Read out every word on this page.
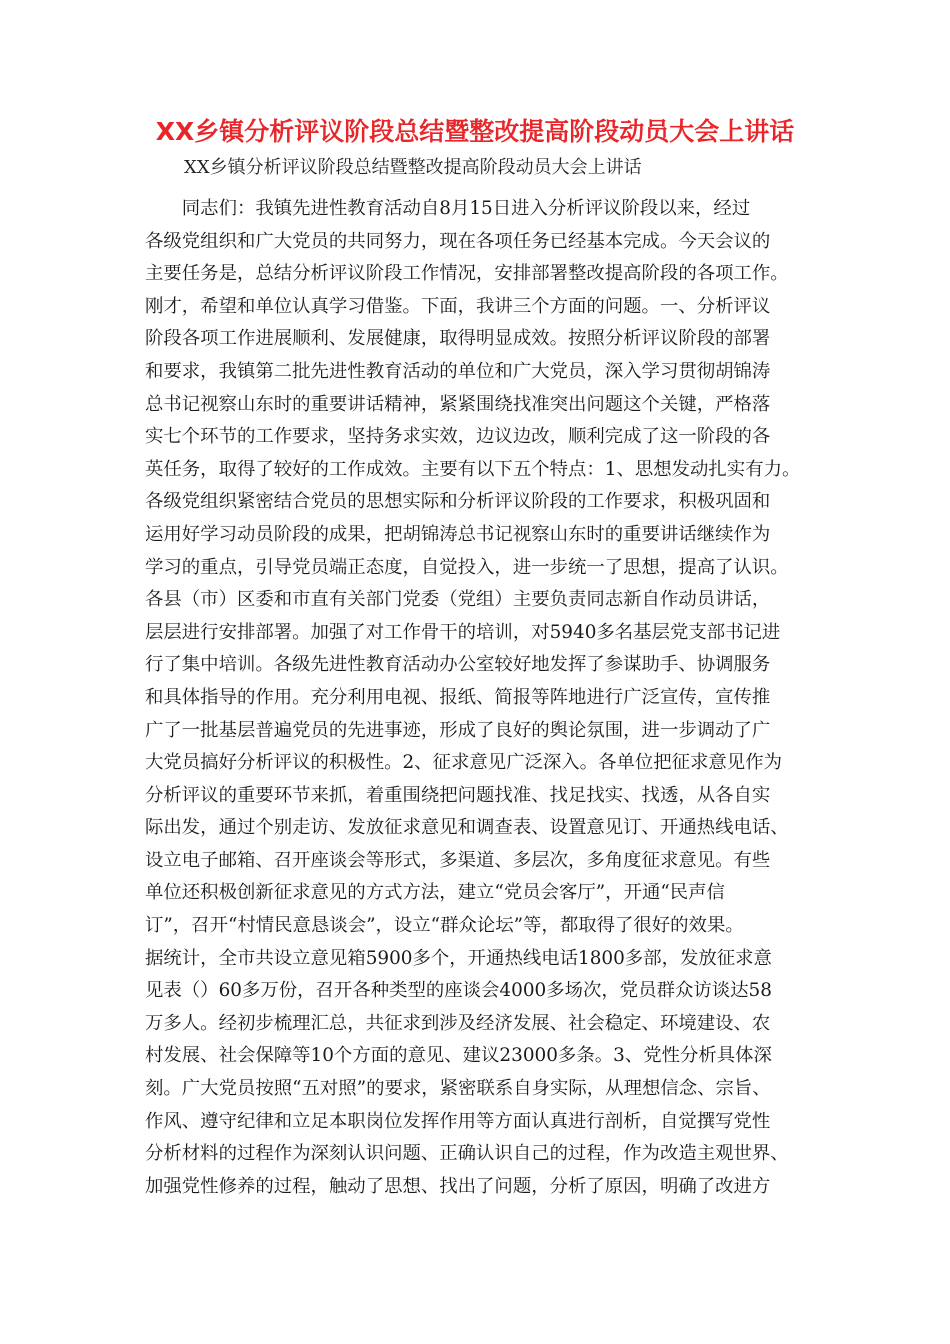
XX乡镇分析评议阶段总结暨整改提高阶段动员大会上讲话
XX乡镇分析评议阶段总结暨整改提高阶段动员大会上讲话
　　同志们：我镇先进性教育活动自8月15日进入分析评议阶段以来，经过
各级党组织和广大党员的共同努力，现在各项任务已经基本完成。今天会议的
主要任务是，总结分析评议阶段工作情况，安排部署整改提高阶段的各项工作。
刚才，希望和单位认真学习借鉴。下面，我讲三个方面的问题。一、分析评议
阶段各项工作进展顺利、发展健康，取得明显成效。按照分析评议阶段的部署
和要求，我镇第二批先进性教育活动的单位和广大党员，深入学习贯彻胡锦涛
总书记视察山东时的重要讲话精神，紧紧围绕找准突出问题这个关键，严格落
实七个环节的工作要求，坚持务求实效，边议边改，顺利完成了这一阶段的各
英任务，取得了较好的工作成效。主要有以下五个特点：1、思想发动扎实有力。
各级党组织紧密结合党员的思想实际和分析评议阶段的工作要求，积极巩固和
运用好学习动员阶段的成果，把胡锦涛总书记视察山东时的重要讲话继续作为
学习的重点，引导党员端正态度，自觉投入，进一步统一了思想，提高了认识。
各县（市）区委和市直有关部门党委（党组）主要负责同志新自作动员讲话，
层层进行安排部署。加强了对工作骨干的培训，对5940多名基层党支部书记进
行了集中培训。各级先进性教育活动办公室较好地发挥了参谋助手、协调服务
和具体指导的作用。充分利用电视、报纸、简报等阵地进行广泛宣传，宣传推
广了一批基层普遍党员的先进事迹，形成了良好的舆论氛围，进一步调动了广
大党员搞好分析评议的积极性。2、征求意见广泛深入。各单位把征求意见作为
分析评议的重要环节来抓，着重围绕把问题找准、找足找实、找透，从各自实
际出发，通过个别走访、发放征求意见和调查表、设置意见订、开通热线电话、
设立电子邮箱、召开座谈会等形式，多渠道、多层次，多角度征求意见。有些
单位还积极创新征求意见的方式方法，建立“党员会客厅”，开通“民声信
订”，召开“村情民意恳谈会”，设立“群众论坛”等，都取得了很好的效果。
据统计，全市共设立意见箱5900多个，开通热线电话1800多部，发放征求意
见表（）60多万份，召开各种类型的座谈会4000多场次，党员群众访谈达58
万多人。经初步梳理汇总，共征求到涉及经济发展、社会稳定、环境建设、农
村发展、社会保障等10个方面的意见、建议23000多条。3、党性分析具体深
刻。广大党员按照“五对照”的要求，紧密联系自身实际，从理想信念、宗旨、
作风、遵守纪律和立足本职岗位发挥作用等方面认真进行剖析，自觉撰写党性
分析材料的过程作为深刻认识问题、正确认识自己的过程，作为改造主观世界、
加强党性修养的过程，触动了思想、找出了问题，分析了原因，明确了改进方
